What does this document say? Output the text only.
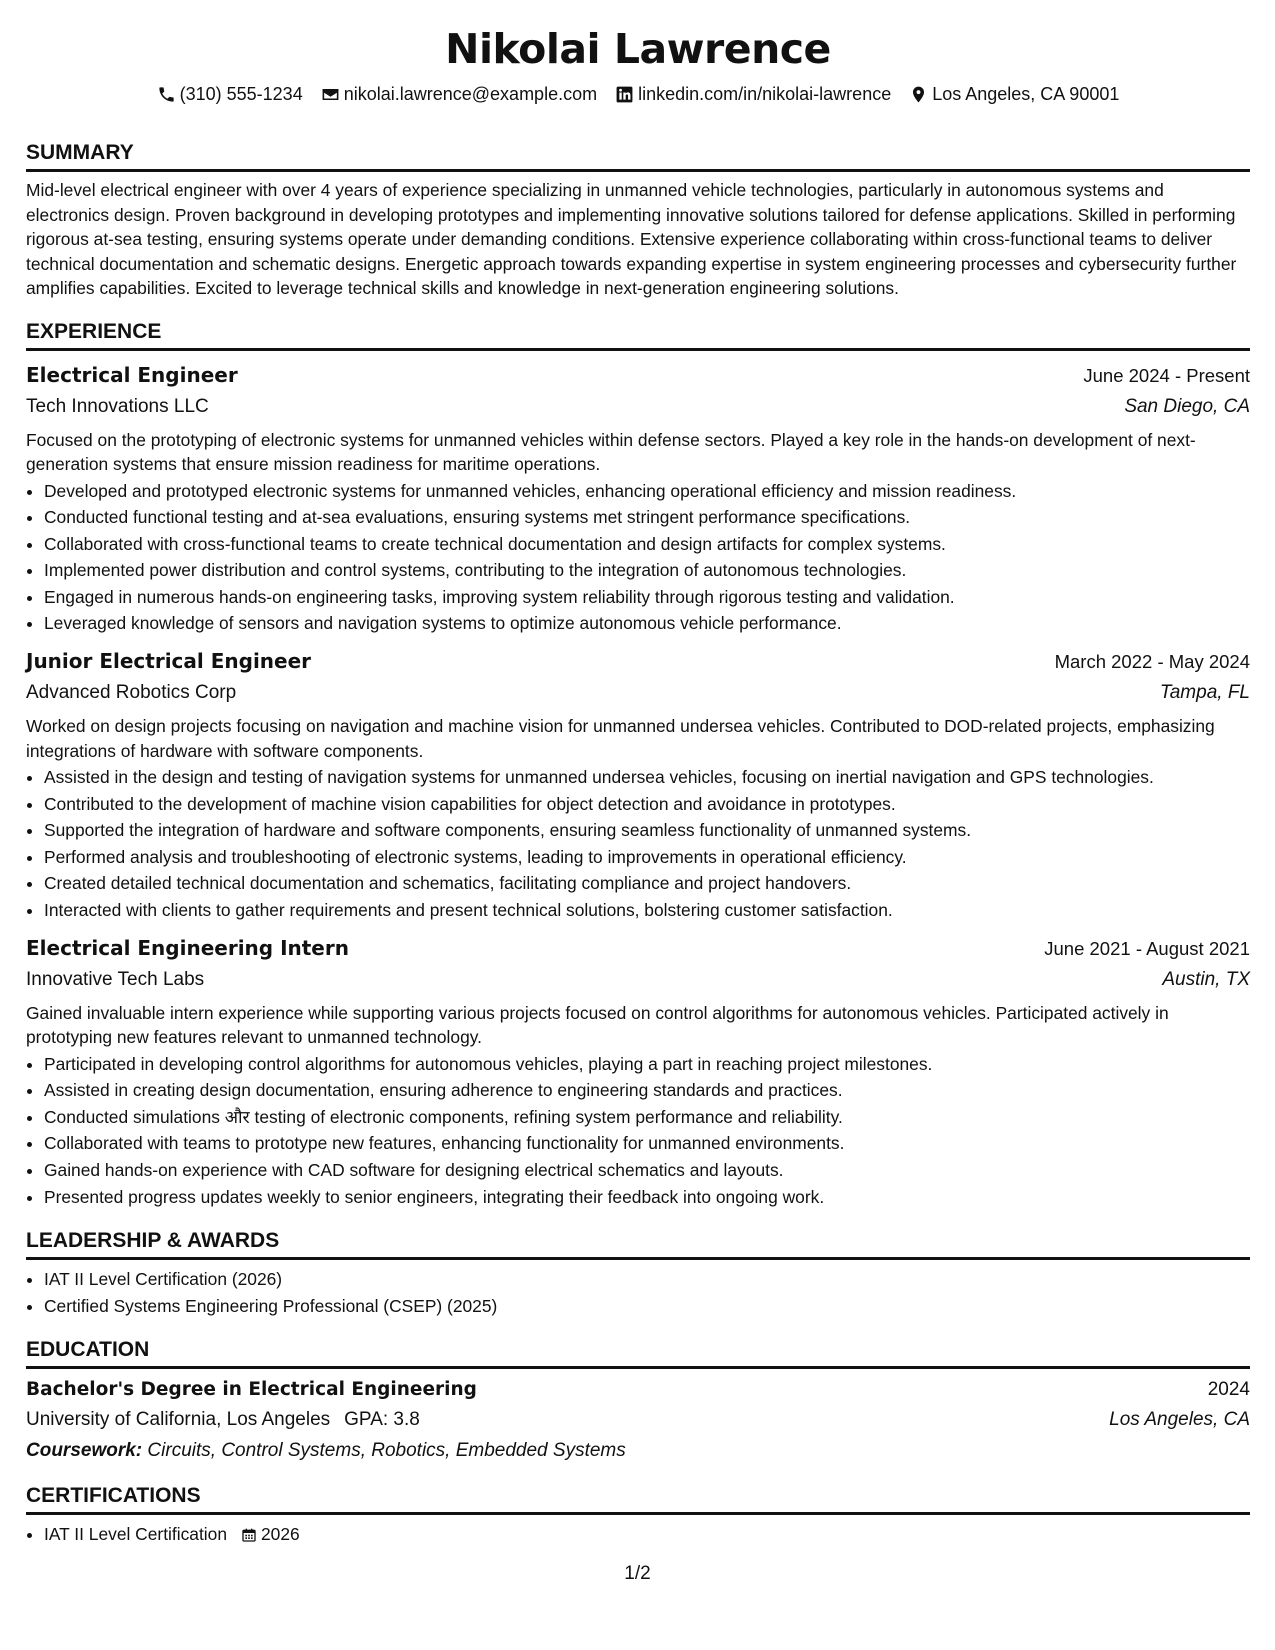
Nikolai Lawrence
(310) 555-1234 nikolai.lawrence@example.com linkedin.com/in/nikolai-lawrence Los Angeles, CA 90001
SUMMARY
Mid-level electrical engineer with over 4 years of experience specializing in unmanned vehicle technologies, particularly in autonomous systems and electronics design. Proven background in developing prototypes and implementing innovative solutions tailored for defense applications. Skilled in performing rigorous at-sea testing, ensuring systems operate under demanding conditions. Extensive experience collaborating within cross-functional teams to deliver technical documentation and schematic designs. Energetic approach towards expanding expertise in system engineering processes and cybersecurity further amplifies capabilities. Excited to leverage technical skills and knowledge in next-generation engineering solutions.
EXPERIENCE
Electrical Engineer	June 2024 - Present
Tech Innovations LLC	San Diego, CA
Focused on the prototyping of electronic systems for unmanned vehicles within defense sectors. Played a key role in the hands-on development of next-generation systems that ensure mission readiness for maritime operations.
• Developed and prototyped electronic systems for unmanned vehicles, enhancing operational efficiency and mission readiness.
• Conducted functional testing and at-sea evaluations, ensuring systems met stringent performance specifications.
• Collaborated with cross-functional teams to create technical documentation and design artifacts for complex systems.
• Implemented power distribution and control systems, contributing to the integration of autonomous technologies.
• Engaged in numerous hands-on engineering tasks, improving system reliability through rigorous testing and validation.
• Leveraged knowledge of sensors and navigation systems to optimize autonomous vehicle performance.
Junior Electrical Engineer	March 2022 - May 2024
Advanced Robotics Corp	Tampa, FL
Worked on design projects focusing on navigation and machine vision for unmanned undersea vehicles. Contributed to DOD-related projects, emphasizing integrations of hardware with software components.
• Assisted in the design and testing of navigation systems for unmanned undersea vehicles, focusing on inertial navigation and GPS technologies.
• Contributed to the development of machine vision capabilities for object detection and avoidance in prototypes.
• Supported the integration of hardware and software components, ensuring seamless functionality of unmanned systems.
• Performed analysis and troubleshooting of electronic systems, leading to improvements in operational efficiency.
• Created detailed technical documentation and schematics, facilitating compliance and project handovers.
• Interacted with clients to gather requirements and present technical solutions, bolstering customer satisfaction.
Electrical Engineering Intern	June 2021 - August 2021
Innovative Tech Labs	Austin, TX
Gained invaluable intern experience while supporting various projects focused on control algorithms for autonomous vehicles. Participated actively in prototyping new features relevant to unmanned technology.
• Participated in developing control algorithms for autonomous vehicles, playing a part in reaching project milestones.
• Assisted in creating design documentation, ensuring adherence to engineering standards and practices.
• Conducted simulations और testing of electronic components, refining system performance and reliability.
• Collaborated with teams to prototype new features, enhancing functionality for unmanned environments.
• Gained hands-on experience with CAD software for designing electrical schematics and layouts.
• Presented progress updates weekly to senior engineers, integrating their feedback into ongoing work.
LEADERSHIP & AWARDS
• IAT II Level Certification (2026)
• Certified Systems Engineering Professional (CSEP) (2025)
EDUCATION
Bachelor's Degree in Electrical Engineering	2024
University of California, Los Angeles GPA: 3.8	Los Angeles, CA
Coursework: Circuits, Control Systems, Robotics, Embedded Systems
CERTIFICATIONS
• IAT II Level Certification 2026
1/2
